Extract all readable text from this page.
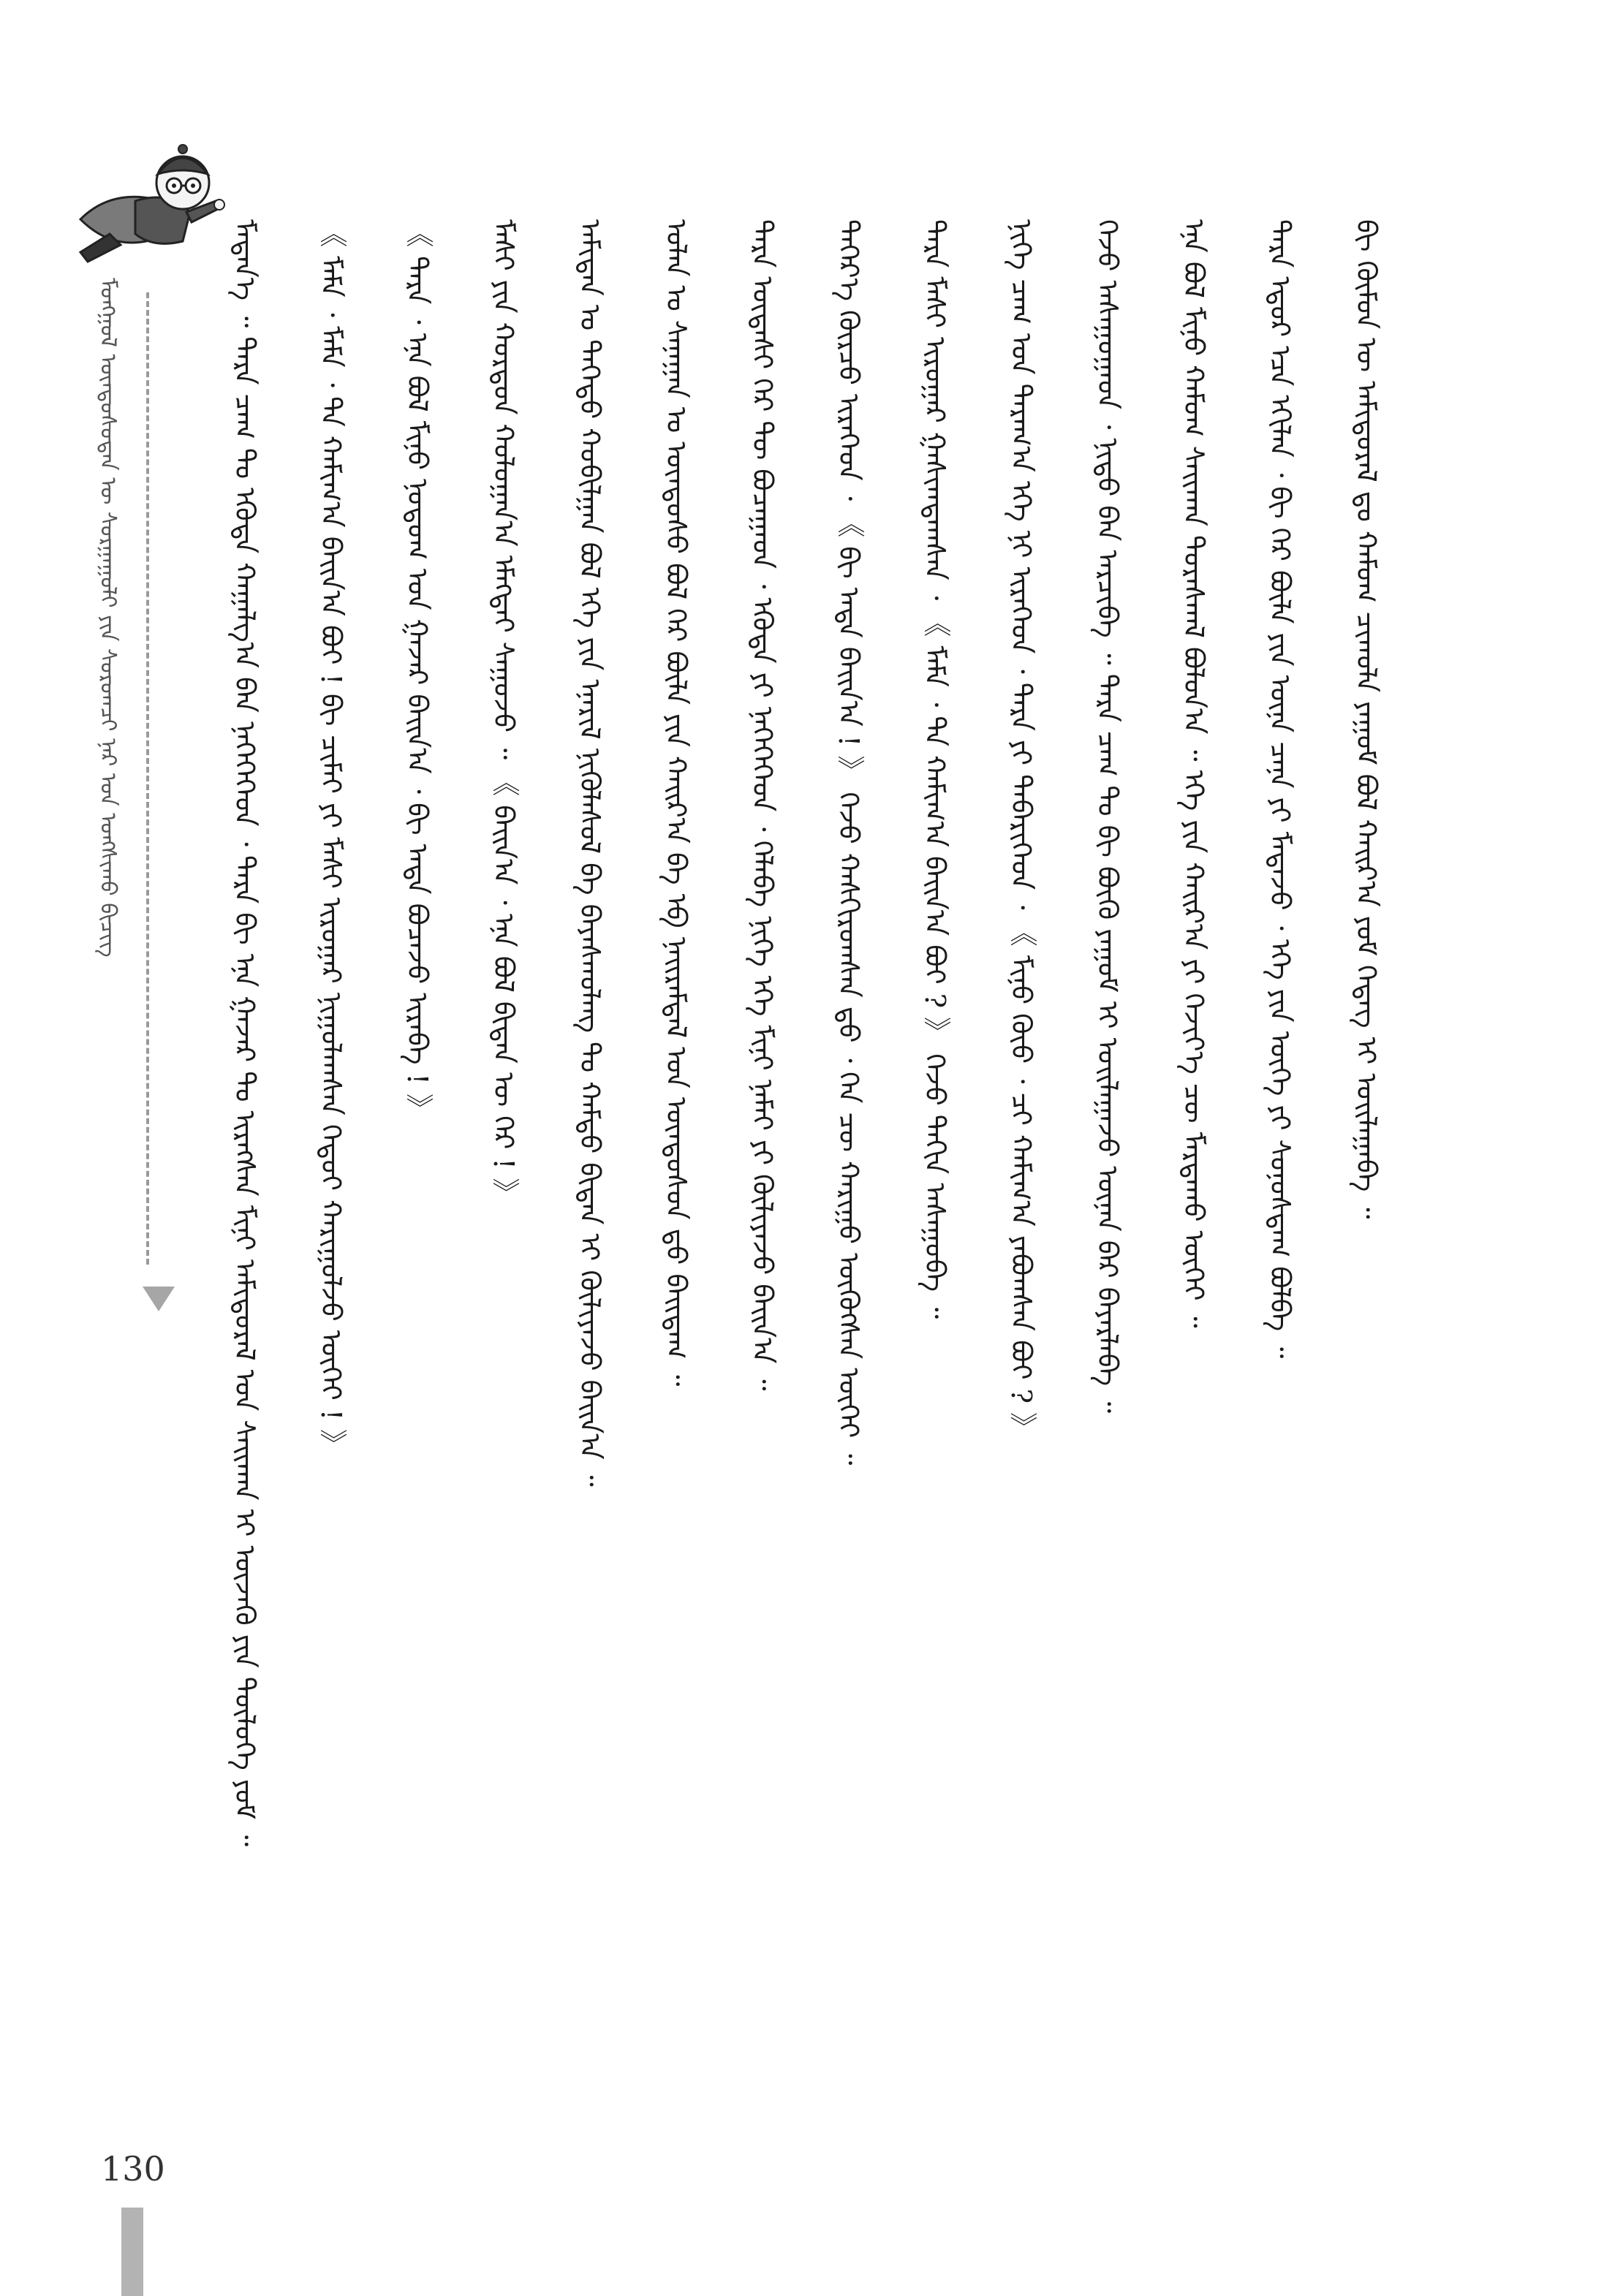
ᠮᠣᠩᠭᠣᠯ ᠦᠨᠳᠦᠰᠦᠲᠡᠨ ᠦ ᠰᠤᠷᠭᠠᠭᠤᠯᠢ ᠶᠢᠨ ᠰᠤᠷᠤᠭᠴᠢ ᠨᠠᠷ ᠤᠨ ᠤᠩᠰᠢᠬᠤ ᠪᠢᠴᠢᠭ	ᠮᠡᠳᠡᠨ᠎ᠡ ᠃ ᠲᠡᠷᠡ ᠴᠠᠭ ᠲᠤ ᠡᠭᠦᠳᠡ ᠬᠠᠭᠠᠯᠭ᠎ᠠ ᠪᠠᠨ ᠨᠡᠭᠡᠭᠡᠭᠡᠳ ᠂ ᠲᠡᠷᠡ ᠪᠢ ᠡᠨᠡ ᠭᠠᠵᠠᠷ ᠲᠤ ᠢᠷᠡᠭᠰᠡᠨ ᠮᠢᠨᠢ ᠠᠮᠢᠳᠤᠷᠠᠯ ᠤᠨ ᠰᠠᠢᠬᠠᠨ ᠢ ᠦᠵᠡᠬᠦ ᠶᠢᠨ ᠲᠦᠯᠦᠭᠡ ᠶᠤᠮ ᠃	《 ᠮᠠᠮᠠ ᠂ ᠮᠠᠮᠠ ᠂ ᠲᠠ ᠬᠠᠮᠢᠭ᠎ᠠ ᠪᠠᠢᠨ᠎ᠠ ᠪᠤᠢ ! ᠪᠢ ᠴᠢᠮᠠᠢ ᠶᠢ ᠮᠠᠰᠢ ᠢᠷᠤᠭᠠᠷ ᠨᠢᠭᠤᠯᠠᠭᠰᠠᠨ ᠬᠡᠳᠦᠢ ᠬᠠᠷᠢᠭᠤᠯᠵᠤ ᠦᠭᠡᠢ ! 》	《 ᠲᠡᠷᠡ ᠂ ᠡᠨᠡ ᠪᠣᠯ ᠮᠢᠨᠦ ᠨᠤᠲᠤᠭ ᠤᠨ ᠭᠠᠵᠠᠷ ᠪᠠᠢᠨ᠎ᠠ ᠂ ᠪᠢ ᠡᠨᠳᠡ ᠪᠤᠴᠠᠵᠤ ᠢᠷᠡᠪᠡ ! 》	ᠮᠠᠰᠢ ᠶᠢᠨ ᠬᠤᠷᠳᠤᠨ ᠬᠤᠯᠤᠭᠠᠨ᠎ᠠ ᠡᠮᠡᠭᠲᠡᠢ ᠰᠠᠭᠤᠵᠤ ᠃ 《 ᠪᠠᠢᠨ᠎ᠠ ᠂ ᠡᠨᠡ ᠪᠣᠯ ᠪᠢᠳᠡᠨ ᠦ ᠭᠡᠷ ! 》	ᠠᠮᠢᠲᠠᠨ ᠤ ᠳᠡᠭᠡᠳᠦ ᠬᠤᠪᠢᠯᠭᠠᠨ ᠪᠣᠯ ᠡᠬᠡ ᠶᠢᠨ ᠡᠨᠡᠷᠢᠯ ᠨᠢᠭᠦᠯᠡᠰᠦᠯ ᠪᠠ ᠪᠠᠶᠠᠰᠬᠤᠯᠠᠩ ᠲᠤ ᠬᠠᠮᠲᠤ ᠪᠢᠳᠡᠨ ᠢ ᠬᠦᠯᠢᠶᠡᠵᠦ ᠪᠠᠢᠨ᠎ᠠ ᠃	ᠣᠯᠠᠨ ᠤ ᠰᠠᠨᠠᠭᠠᠨ ᠤ ᠦᠨᠳᠦᠰᠦ ᠪᠣᠯ ᠭᠡᠷ ᠪᠦᠯᠡ ᠶᠢᠨ ᠬᠠᠢᠷ᠎ᠠ ᠪᠠ ᠡᠪ ᠨᠠᠢᠷᠠᠮᠳᠠᠯ ᠤᠨ ᠦᠨᠳᠦᠰᠦᠨ ᠳ᠋ᠤ ᠪᠠᠢᠳᠠᠭ ᠃	ᠲᠡᠷᠡ ᠦᠳᠡᠰᠢ ᠭᠡᠷ ᠲᠦ ᠪᠤᠴᠠᠭᠠᠳ ᠂ ᠡᠭᠦᠳᠡ ᠶᠢ ᠨᠡᠭᠡᠭᠡᠭᠡᠳ ᠂ ᠬᠡᠯᠡᠪᠡ ᠨᠢᠭᠡ ᠡᠬᠡ ᠮᠢᠨᠢ ᠨᠠᠮᠠᠢ ᠶᠢ ᠬᠦᠯᠢᠶᠡᠵᠦ ᠪᠠᠢᠨ᠎ᠠ ᠃	ᠳᠡᠭᠡᠷ᠎ᠡ ᠬᠦᠷᠴᠦ ᠢᠷᠡᠭᠡᠳ ᠂ 《 ᠪᠢ ᠡᠨᠳᠡ ᠪᠠᠢᠨ᠎ᠠ ! 》 ᠭᠡᠵᠦ ᠬᠠᠰᠬᠢᠷᠤᠭᠰᠠᠨ ᠳ᠋ᠤ ᠂ ᠬᠡᠨ ᠴᠦ ᠬᠠᠷᠢᠭᠤ ᠦᠭᠦᠭᠰᠡᠨ ᠦᠭᠡᠢ ᠃	ᠲᠡᠷᠡ ᠮᠠᠰᠢ ᠢᠷᠤᠭᠠᠷ ᠭᠠᠰᠢᠭᠳᠠᠭᠰᠠᠨ ᠂ 《 ᠮᠠᠮᠠ ᠂ ᠲᠠ ᠬᠠᠮᠢᠭ᠎ᠠ ᠪᠠᠢᠨ᠎ᠠ ᠪᠤᠢ ? 》 ᠭᠡᠵᠦ ᠳᠠᠬᠢᠨ ᠠᠰᠠᠭᠤᠪᠠ ᠃	ᠨᠢᠭᠡ ᠴᠠᠭ ᠤᠨ ᠳᠠᠷᠠᠭ᠎ᠠ ᠡᠬᠡ ᠨᠢ ᠢᠷᠡᠭᠡᠳ ᠂ ᠲᠡᠷᠡ ᠶᠢ ᠲᠡᠪᠡᠷᠢᠭᠡᠳ ᠂ 《 ᠮᠢᠨᠦ ᠬᠦᠦ ᠂ ᠴᠢ ᠬᠠᠮᠢᠭ᠎ᠠ ᠶᠠᠪᠤᠭᠰᠠᠨ ᠪᠤᠢ ? 》	ᠭᠡᠵᠦ ᠠᠰᠠᠭᠤᠭᠠᠳ ᠂ ᠨᠢᠳᠦ ᠪᠡᠨ ᠠᠷᠴᠢᠪᠠ ᠃ ᠲᠡᠷᠡ ᠴᠠᠭ ᠲᠤ ᠪᠢ ᠪᠦᠬᠦ ᠶᠠᠭᠤᠮ ᠢ ᠣᠢᠯᠠᠭᠠᠵᠤ ᠦᠨᠡᠨ ᠪᠡᠷ ᠪᠠᠶᠠᠷᠯᠠᠪᠠ ᠃	ᠡᠨᠡ ᠪᠣᠯ ᠮᠢᠨᠦ ᠬᠠᠮᠤᠭ ᠰᠠᠢᠬᠠᠨ ᠳᠤᠷᠠᠰᠬᠠᠯ ᠪᠣᠯᠤᠨ᠎ᠠ ᠃ ᠡᠬᠡ ᠶᠢᠨ ᠬᠠᠢᠷ᠎ᠠ ᠶᠢ ᠬᠡᠵᠢᠶ᠎ᠡ ᠴᠦ ᠮᠠᠷᠲᠠᠬᠤ ᠦᠭᠡᠢ ᠃	ᠲᠡᠷᠡ ᠡᠳᠦᠷ ᠡᠴᠡ ᠡᠬᠢᠯᠡᠨ ᠂ ᠪᠢ ᠭᠡᠷ ᠪᠦᠯᠡ ᠶᠢᠨ ᠦᠨᠡ ᠴᠡᠨᠡ ᠶᠢ ᠮᠡᠳᠡᠵᠦ ᠂ ᠡᠬᠡ ᠶᠢᠨ ᠦᠭᠡ ᠶᠢ ᠰᠣᠨᠣᠰᠳᠠᠭ ᠪᠣᠯᠪᠠ ᠃	ᠪᠢ ᠬᠦᠮᠦᠨ ᠦ ᠠᠮᠢᠳᠤᠷᠠᠯ ᠳᠤ ᠬᠠᠮᠤᠭ ᠴᠢᠬᠤᠯᠠ ᠶᠠᠭᠤᠮ ᠪᠣᠯ ᠬᠠᠢᠷ᠎ᠠ ᠶᠤᠮ ᠭᠡᠳᠡᠭ ᠢ ᠣᠢᠯᠠᠭᠠᠪᠠ ᠃
130
